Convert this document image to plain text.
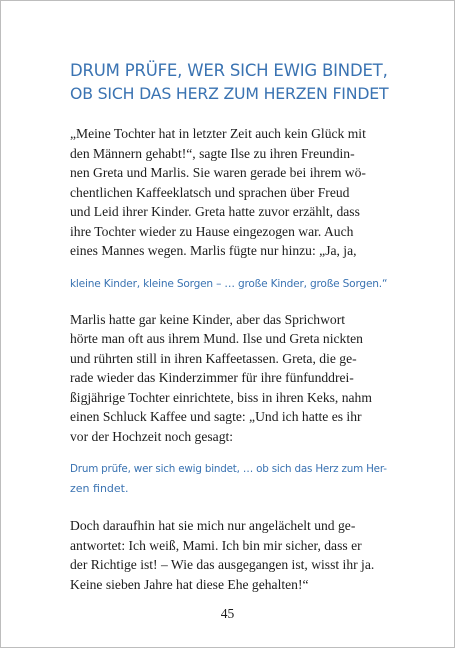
DRUM PRÜFE, WER SICH EWIG BINDET,
OB SICH DAS HERZ ZUM HERZEN FINDET

„Meine Tochter hat in letzter Zeit auch kein Glück mit
den Männern gehabt!“, sagte Ilse zu ihren Freundin-
nen Greta und Marlis. Sie waren gerade bei ihrem wö-
chentlichen Kaffeeklatsch und sprachen über Freud
und Leid ihrer Kinder. Greta hatte zuvor erzählt, dass
ihre Tochter wieder zu Hause eingezogen war. Auch
eines Mannes wegen. Marlis fügte nur hinzu: „Ja, ja,

kleine Kinder, kleine Sorgen – … große Kinder, große Sorgen.“

Marlis hatte gar keine Kinder, aber das Sprichwort
hörte man oft aus ihrem Mund. Ilse und Greta nickten
und rührten still in ihren Kaffeetassen. Greta, die ge-
rade wieder das Kinderzimmer für ihre fünfunddrei-
ßigjährige Tochter einrichtete, biss in ihren Keks, nahm
einen Schluck Kaffee und sagte: „Und ich hatte es ihr
vor der Hochzeit noch gesagt:

Drum prüfe, wer sich ewig bindet, … ob sich das Herz zum Her-
zen findet.

Doch daraufhin hat sie mich nur angelächelt und ge-
antwortet: Ich weiß, Mami. Ich bin mir sicher, dass er
der Richtige ist! – Wie das ausgegangen ist, wisst ihr ja.
Keine sieben Jahre hat diese Ehe gehalten!“

45
